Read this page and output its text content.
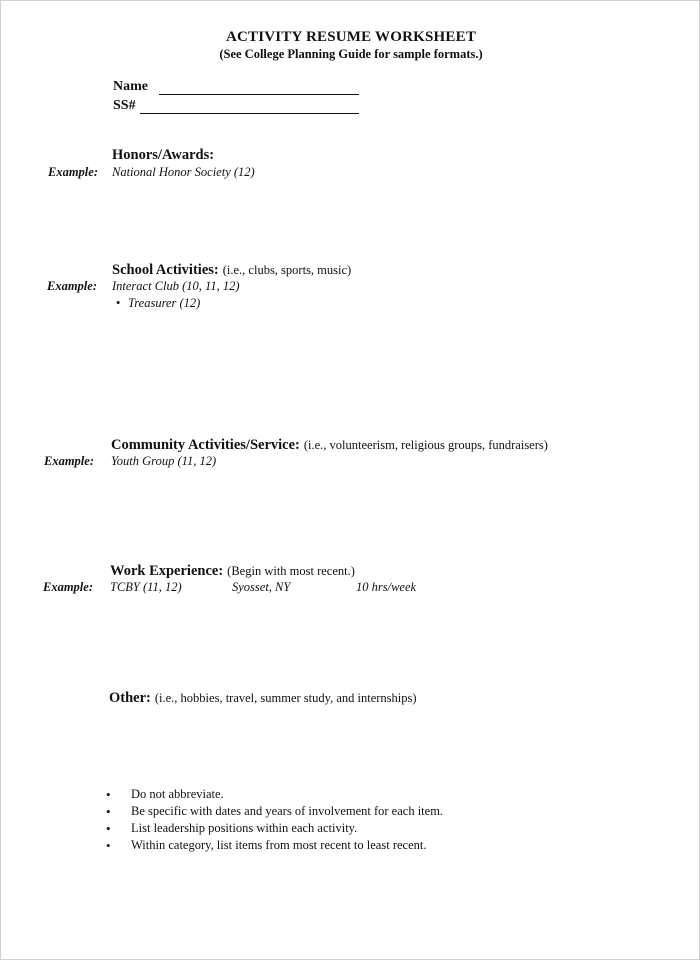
ACTIVITY RESUME WORKSHEET
(See College Planning Guide for sample formats.)
Name
SS#
Honors/Awards:
Example: National Honor Society (12)
School Activities: (i.e., clubs, sports, music)
Example: Interact Club (10, 11, 12)
• Treasurer (12)
Community Activities/Service: (i.e., volunteerism, religious groups, fundraisers)
Example: Youth Group (11, 12)
Work Experience: (Begin with most recent.)
Example: TCBY (11, 12)	Syosset, NY	10 hrs/week
Other: (i.e., hobbies, travel, summer study, and internships)
• Do not abbreviate.
• Be specific with dates and years of involvement for each item.
• List leadership positions within each activity.
• Within category, list items from most recent to least recent.
